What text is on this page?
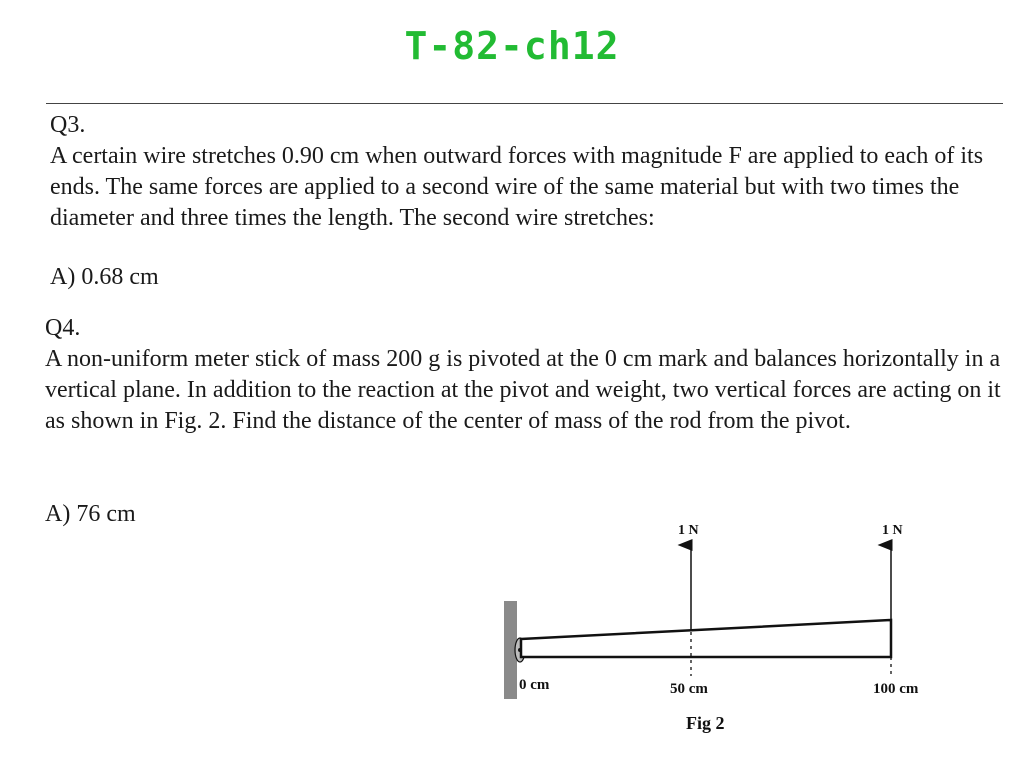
T-82-ch12
Q3.
A certain wire stretches 0.90 cm when outward forces with magnitude F are applied to each of its ends. The same forces are applied to a second wire of the same material but with two times the diameter and three times the length. The second wire stretches:
A) 0.68 cm
Q4.
A non-uniform meter stick of mass 200 g is pivoted at the 0 cm mark and balances horizontally in a vertical plane. In addition to the reaction at the pivot and weight, two vertical forces are acting on it as shown in Fig. 2. Find the distance of the center of mass of the rod from the pivot.
A) 76 cm
1 N	1 N
0 cm	50 cm	100 cm
Fig 2
